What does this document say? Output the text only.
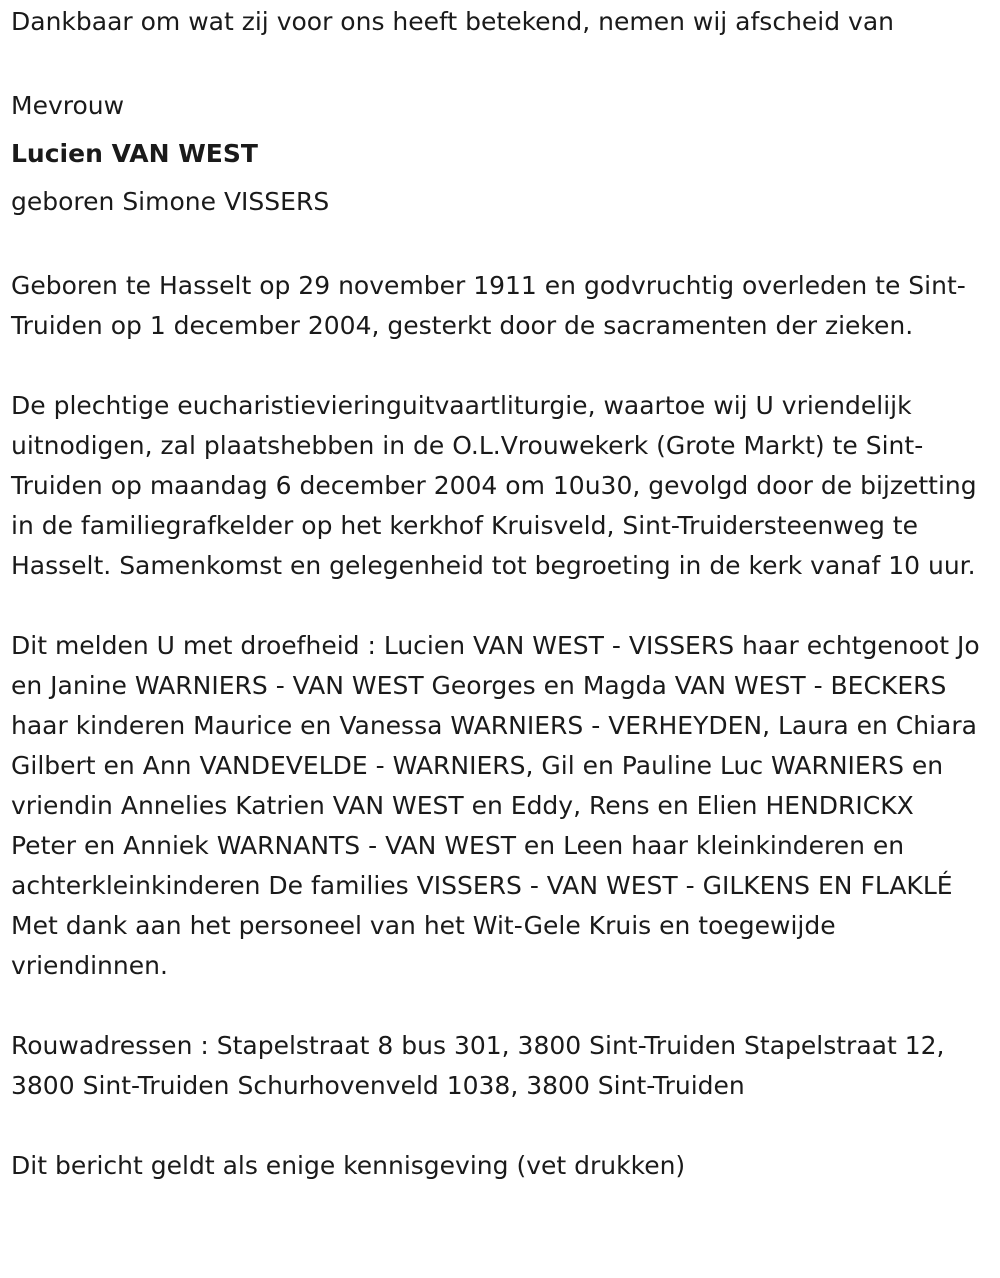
Dankbaar om wat zij voor ons heeft betekend, nemen wij afscheid van

Mevrouw

Lucien VAN WEST

geboren Simone VISSERS

Geboren te Hasselt op 29 november 1911 en godvruchtig overleden te Sint-Truiden op 1 december 2004, gesterkt door de sacramenten der zieken.

De plechtige eucharistievieringuitvaartliturgie, waartoe wij U vriendelijk uitnodigen, zal plaatshebben in de O.L.Vrouwekerk (Grote Markt) te Sint-Truiden op maandag 6 december 2004 om 10u30, gevolgd door de bijzetting in de familiegrafkelder op het kerkhof Kruisveld, Sint-Truidersteenweg te Hasselt. Samenkomst en gelegenheid tot begroeting in de kerk vanaf 10 uur.

Dit melden U met droefheid : Lucien VAN WEST - VISSERS haar echtgenoot Jo en Janine WARNIERS - VAN WEST Georges en Magda VAN WEST - BECKERS haar kinderen Maurice en Vanessa WARNIERS - VERHEYDEN, Laura en Chiara Gilbert en Ann VANDEVELDE - WARNIERS, Gil en Pauline Luc WARNIERS en vriendin Annelies Katrien VAN WEST en Eddy, Rens en Elien HENDRICKX Peter en Anniek WARNANTS - VAN WEST en Leen haar kleinkinderen en achterkleinkinderen De families VISSERS - VAN WEST - GILKENS EN FLAKLÉ Met dank aan het personeel van het Wit-Gele Kruis en toegewijde vriendinnen.

Rouwadressen : Stapelstraat 8 bus 301, 3800 Sint-Truiden Stapelstraat 12, 3800 Sint-Truiden Schurhovenveld 1038, 3800 Sint-Truiden

Dit bericht geldt als enige kennisgeving (vet drukken)
